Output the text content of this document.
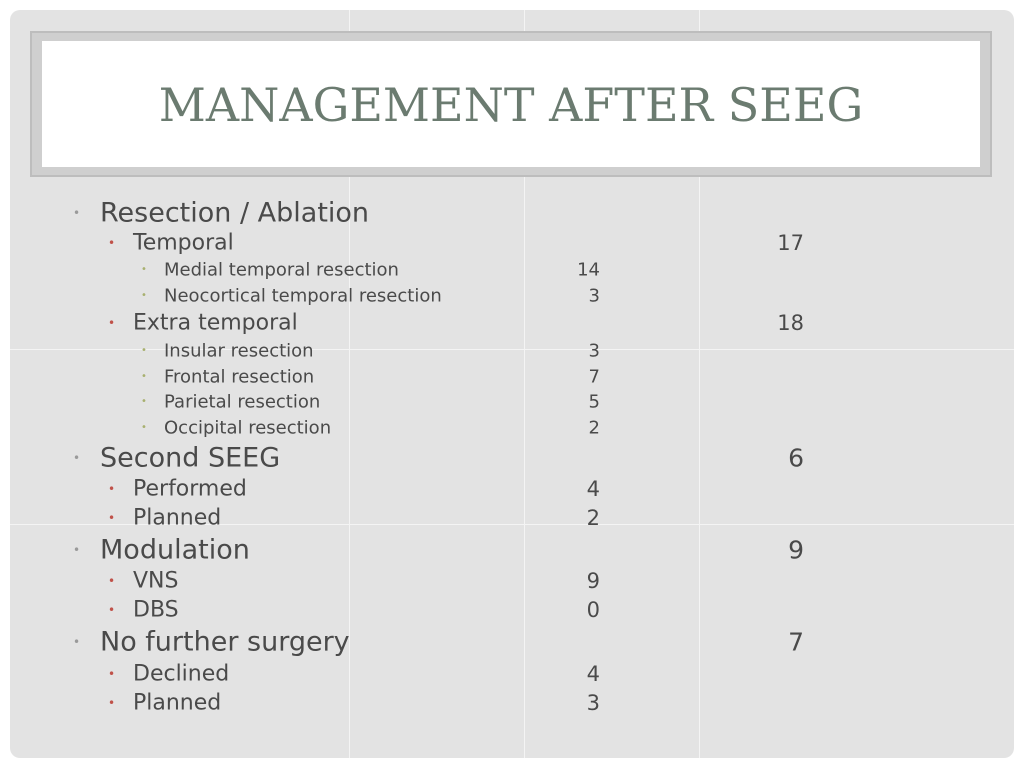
MANAGEMENT AFTER SEEG
• Resection / Ablation
• Temporal	17
• Medial temporal resection	14
• Neocortical temporal resection	3
• Extra temporal	18
• Insular resection	3
• Frontal resection	7
• Parietal resection	5
• Occipital resection	2
• Second SEEG	6
• Performed	4
• Planned	2
• Modulation	9
• VNS	9
• DBS	0
• No further surgery	7
• Declined	4
• Planned	3
